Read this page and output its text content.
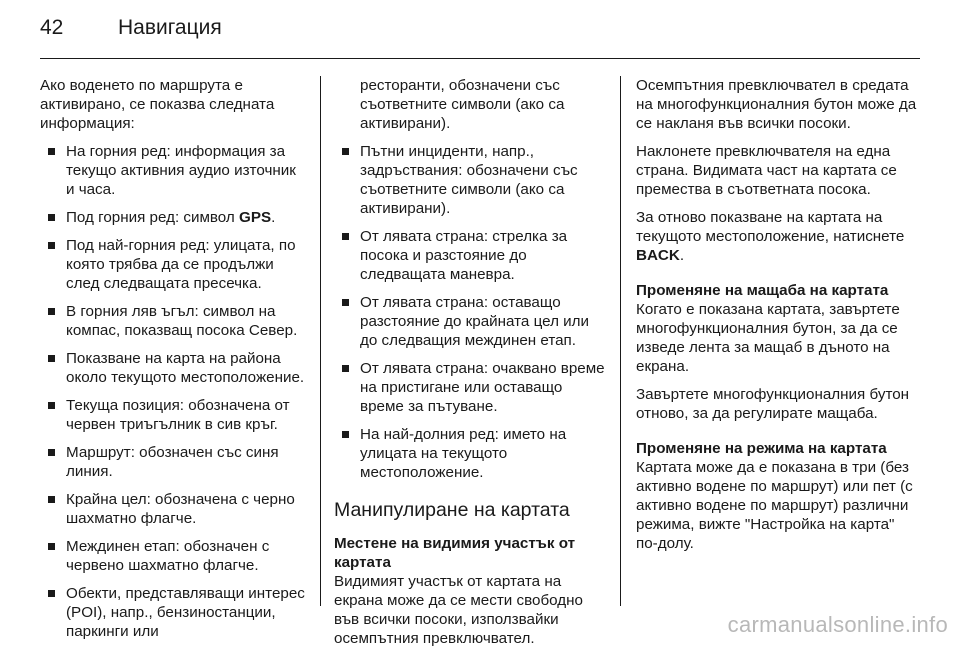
42	Навигация

Ако воденето по маршрута е активирано, се показва следната информация:

На горния ред: информация за текущо активния аудио източник и часа.
Под горния ред: символ GPS.
Под най-горния ред: улицата, по която трябва да се продължи след следващата пресечка.
В горния ляв ъгъл: символ на компас, показващ посока Север.
Показване на карта на района около текущото местоположение.
Текуща позиция: обозначена от червен триъгълник в сив кръг.
Маршрут: обозначен със синя линия.
Крайна цел: обозначена с черно шахматно флагче.
Междинен етап: обозначен с червено шахматно флагче.
Обекти, представляващи интерес (POI), напр., бензиностанции, паркинги или

ресторанти, обозначени със съответните символи (ако са активирани).

Пътни инциденти, напр., задръствания: обозначени със съответните символи (ако са активирани).
От лявата страна: стрелка за посока и разстояние до следващата маневра.
От лявата страна: оставащо разстояние до крайната цел или до следващия междинен етап.
От лявата страна: очаквано време на пристигане или оставащо време за пътуване.
На най-долния ред: името на улицата на текущото местоположение.
Манипулиране на картата

Местене на видимия участък от картата

Видимият участък от картата на екрана може да се мести свободно във всички посоки, използвайки осемпътния превключвател.

Осемпътния превключвател в средата на многофункционалния бутон може да се накланя във всички посоки.

Наклонете превключвателя на една страна. Видимата част на картата се премества в съответната посока.

За отново показване на картата на текущото местоположение, натиснете BACK.

Променяне на мащаба на картата

Когато е показана картата, завъртете многофункционалния бутон, за да се изведе лента за мащаб в дъното на екрана.

Завъртете многофункционалния бутон отново, за да регулирате мащаба.

Променяне на режима на картата

Картата може да е показана в три (без активно водене по маршрут) или пет (с активно водене по маршрут) различни режима, вижте "Настройка на карта" по-долу.

carmanualsonline.info
